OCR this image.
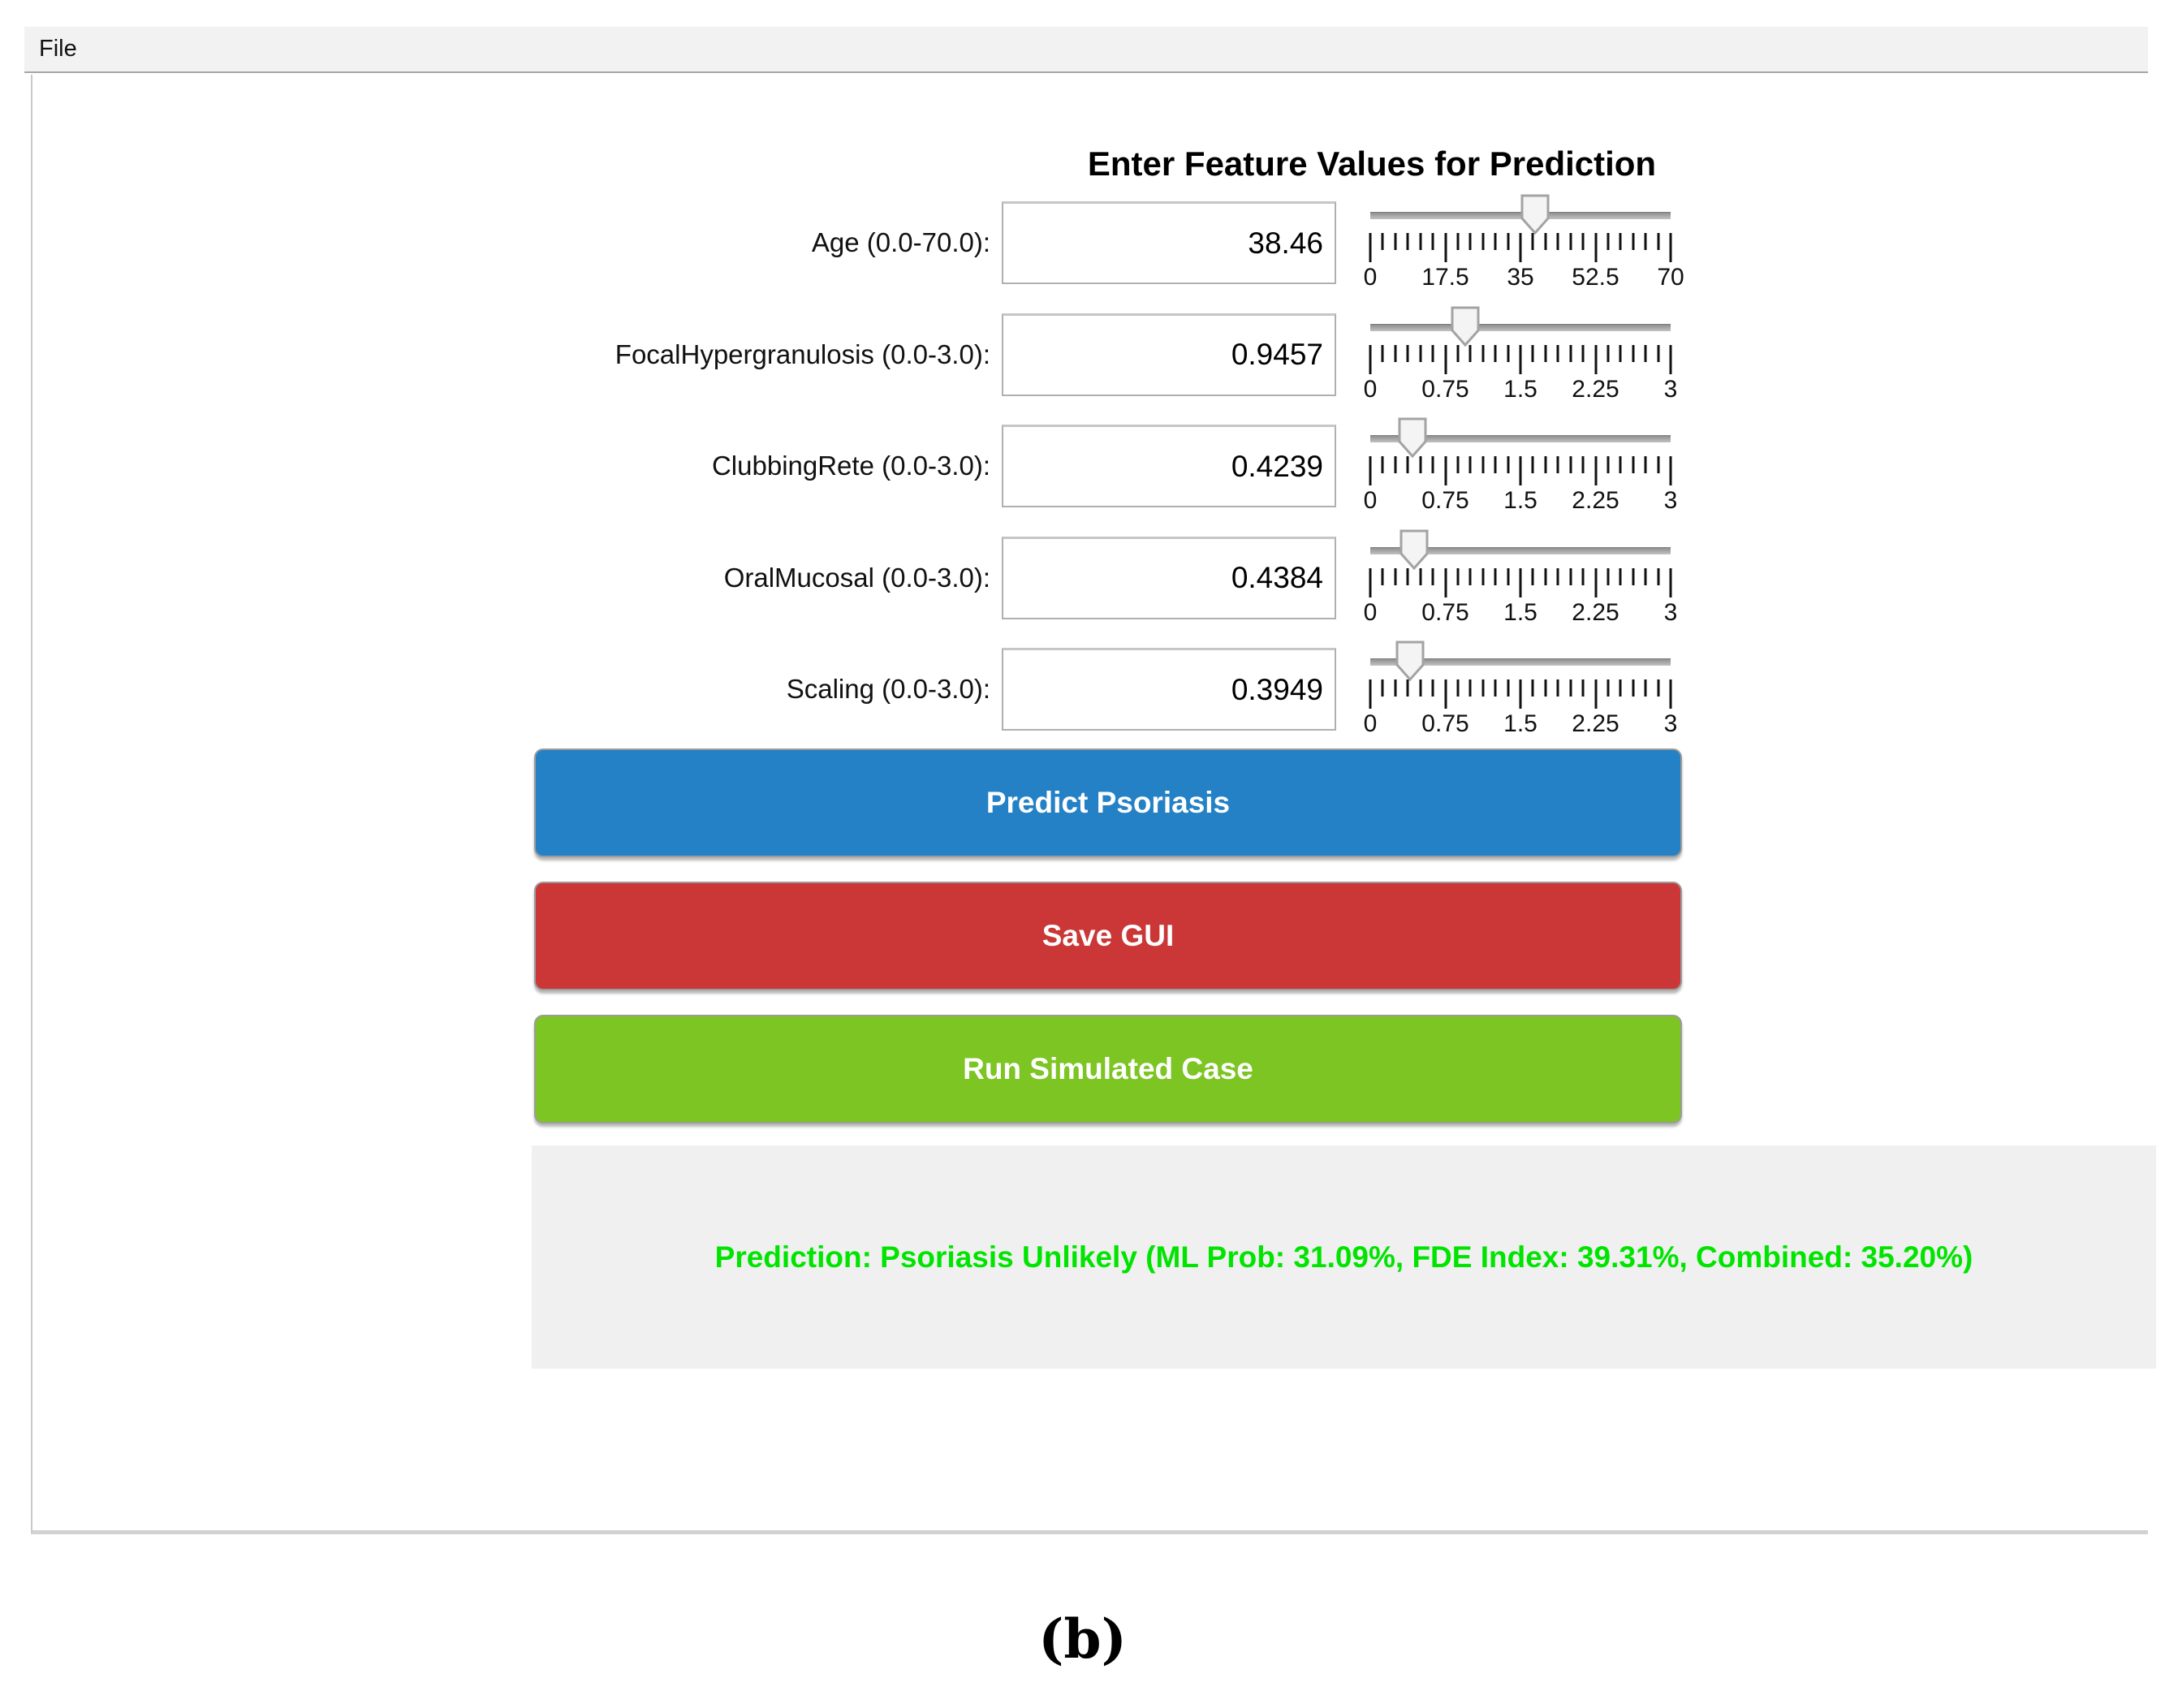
File
Enter Feature Values for Prediction
Age (0.0-70.0):	38.46
0 17.5 35 52.5 70
FocalHypergranulosis (0.0-3.0):	0.9457
0 0.75 1.5 2.25 3
ClubbingRete (0.0-3.0):	0.4239
0 0.75 1.5 2.25 3
OralMucosal (0.0-3.0):	0.4384
0 0.75 1.5 2.25 3
Scaling (0.0-3.0):	0.3949
0 0.75 1.5 2.25 3
Predict Psoriasis
Save GUI
Run Simulated Case
Prediction: Psoriasis Unlikely (ML Prob: 31.09%, FDE Index: 39.31%, Combined: 35.20%)
(b)
